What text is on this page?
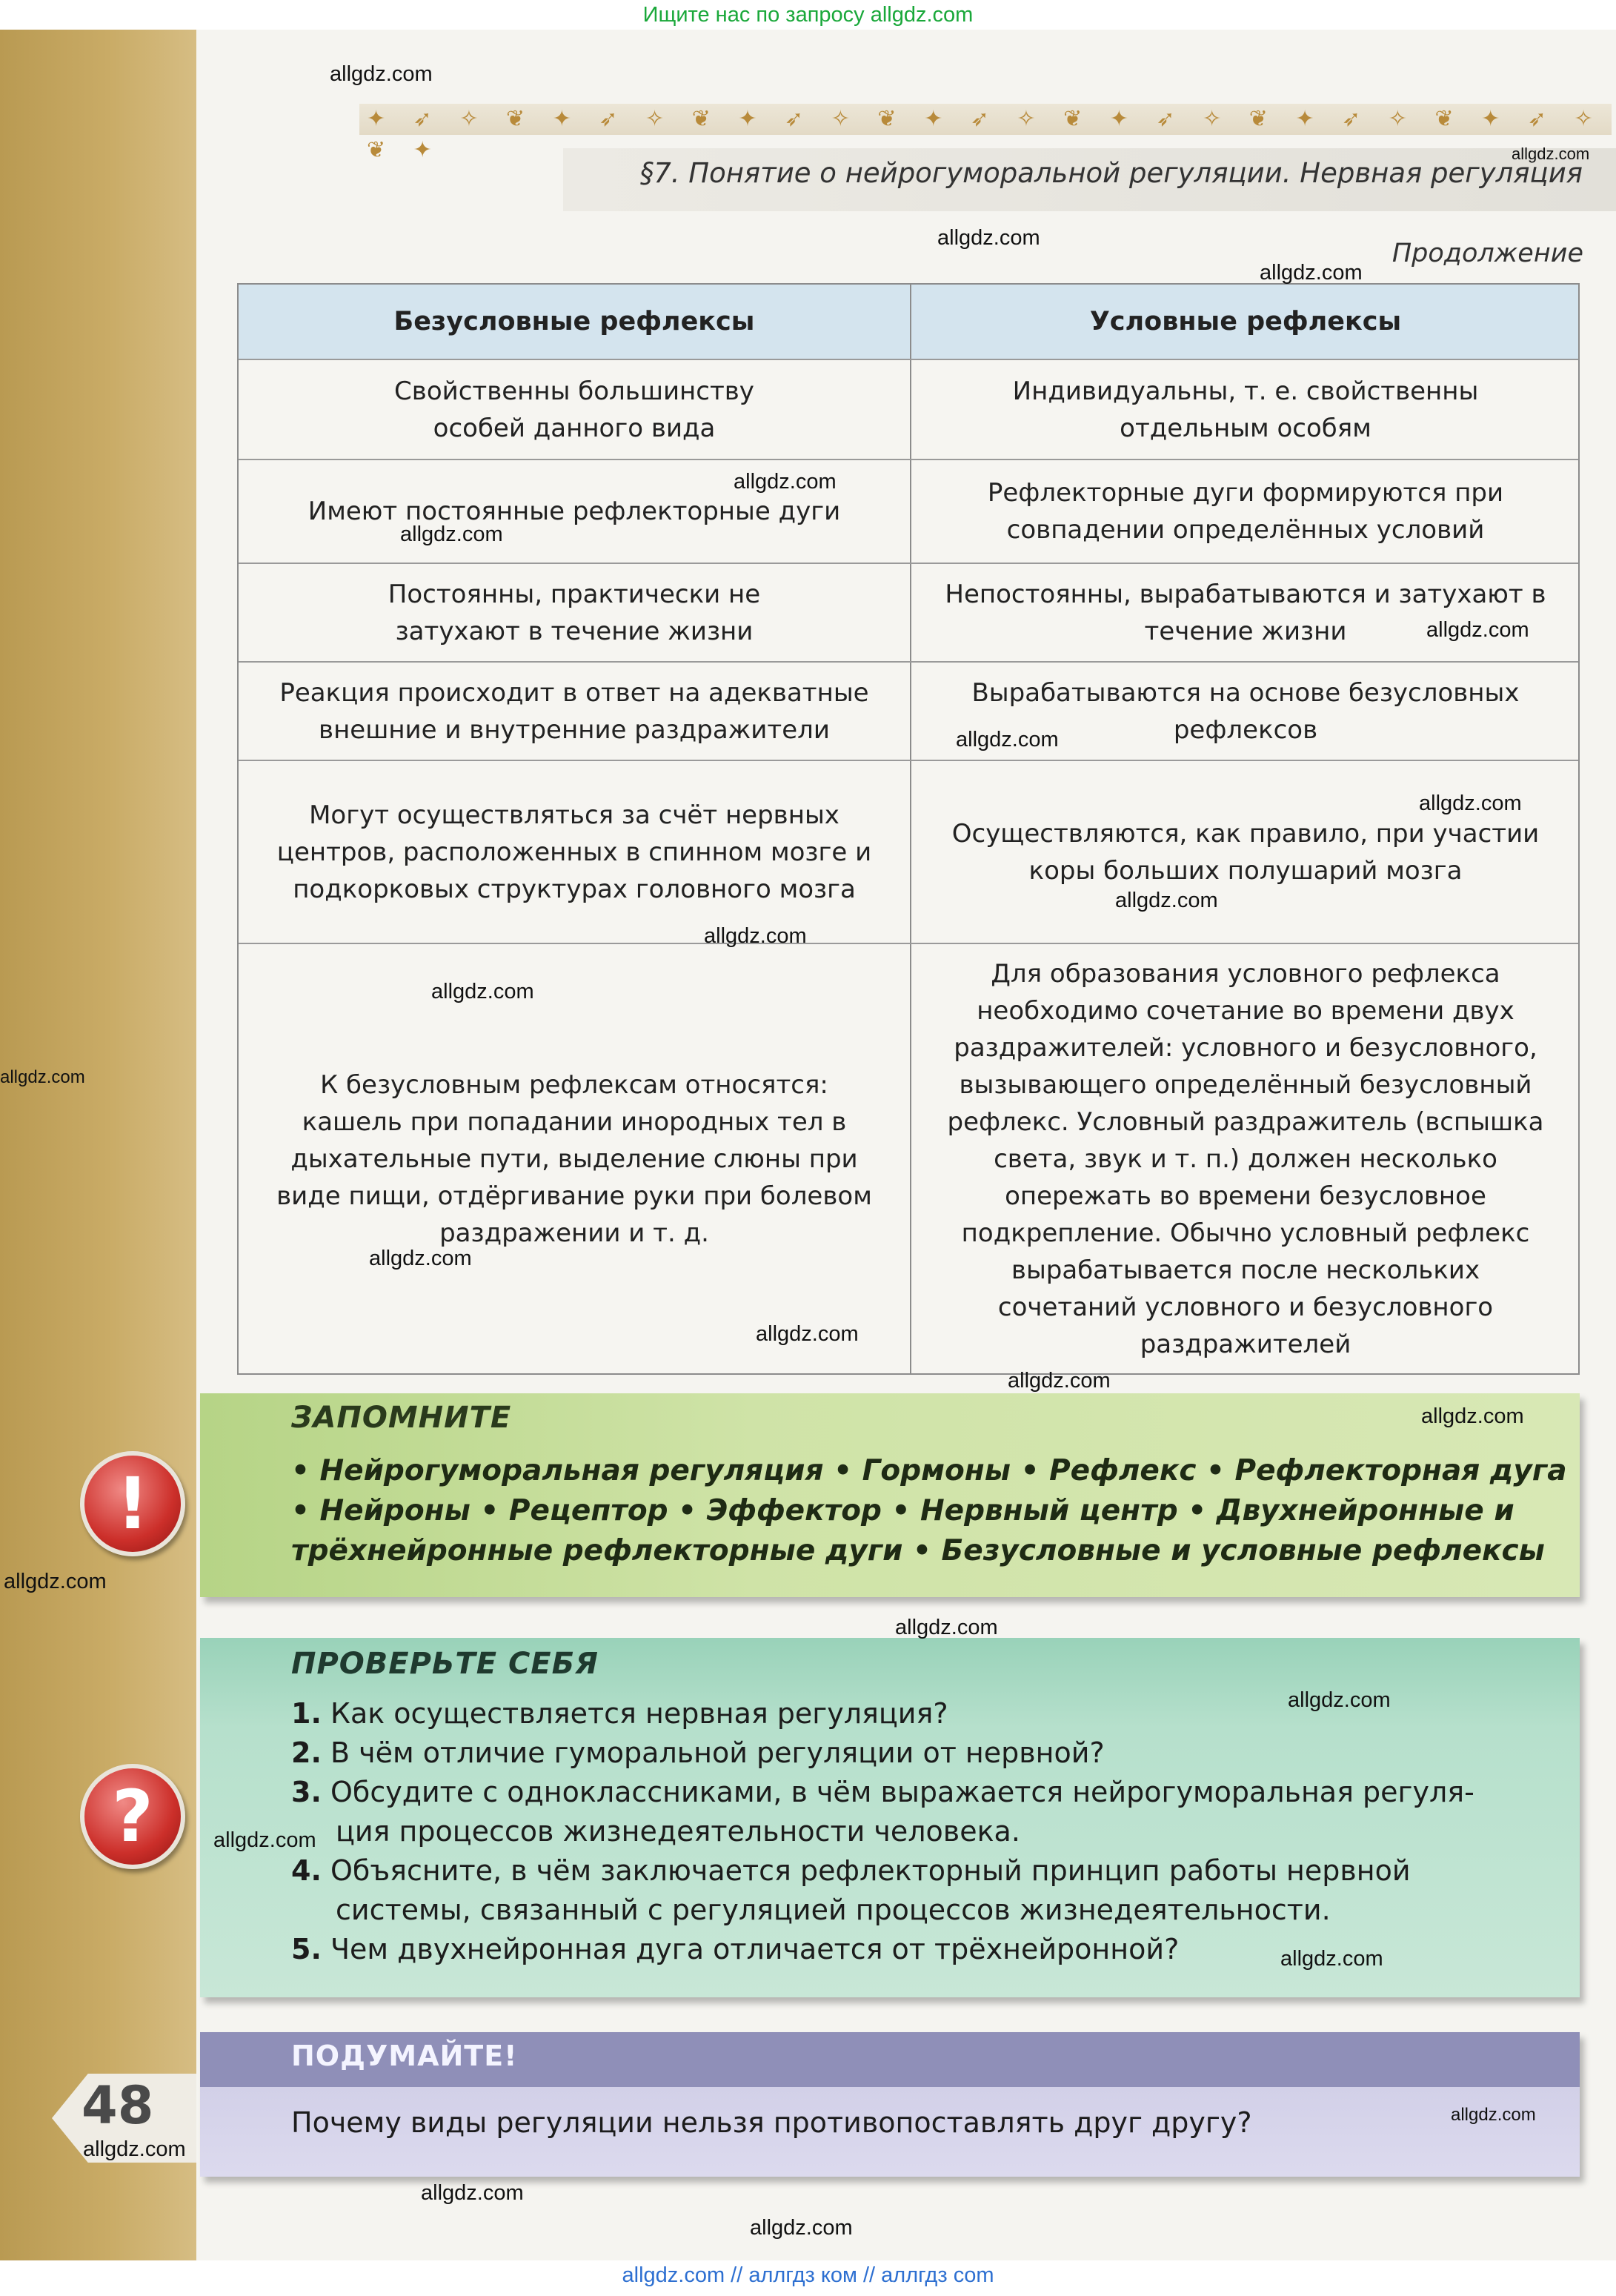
Ищите нас по запросу allgdz.com
✦ ➶ ✧ ❦ ✦ ➶ ✧ ❦ ✦ ➶ ✧ ❦ ✦ ➶ ✧ ❦ ✦ ➶ ✧ ❦ ✦ ➶ ✧ ❦ ✦ ➶ ✧ ❦ ✦
§7. Понятие о нейрогуморальной регуляции. Нервная регуляция
Продолжение
Безусловные рефлексы	Условные рефлексы
Свойственны большинству особей данного вида
Индивидуальны, т. е. свойственны отдельным особям
Имеют постоянные рефлекторные дуги
Рефлекторные дуги формируются при совпадении определённых условий
Постоянны, практически не затухают в течение жизни
Непостоянны, вырабатываются и затухают в течение жизни
Реакция происходит в ответ на адекватные внешние и внутренние раздражители
Вырабатываются на основе безусловных рефлексов
Могут осуществляться за счёт нервных центров, расположенных в спинном мозге и подкорковых структурах головного мозга
Осуществляются, как правило, при участии коры больших полушарий мозга
К безусловным рефлексам относятся: кашель при попадании инородных тел в дыхательные пути, выделение слюны при виде пищи, отдёргивание руки при болевом раздражении и т. д.
Для образования условного рефлекса необходимо сочетание во времени двух раздражителей: условного и безусловного, вызывающего определённый безусловный рефлекс. Условный раздражитель (вспышка света, звук и т. п.) должен несколько опережать во времени безусловное подкрепление. Обычно условный рефлекс вырабатывается после нескольких сочетаний условного и безусловного раздражителей
!
ЗАПОМНИТЕ
• Нейрогуморальная регуляция • Гормоны • Рефлекс • Рефлекторная дуга
• Нейроны • Рецептор • Эффектор • Нервный центр • Двухнейронные и
трёхнейронные рефлекторные дуги • Безусловные и условные рефлексы
?
ПРОВЕРЬТЕ СЕБЯ
1. Как осуществляется нервная регуляция?
2. В чём отличие гуморальной регуляции от нервной?
3. Обсудите с одноклассниками, в чём выражается нейрогуморальная регуля-
ция процессов жизнедеятельности человека.
4. Объясните, в чём заключается рефлекторный принцип работы нервной
системы, связанный с регуляцией процессов жизнедеятельности.
5. Чем двухнейронная дуга отличается от трёхнейронной?
ПОДУМАЙТЕ!
Почему виды регуляции нельзя противопоставлять друг другу?
48
allgdz.com
allgdz.com
allgdz.com
allgdz.com
allgdz.com
allgdz.com
allgdz.com
allgdz.com
allgdz.com
allgdz.com
allgdz.com
allgdz.com
allgdz.com
allgdz.com
allgdz.com
allgdz.com
allgdz.com
allgdz.com
allgdz.com
allgdz.com
allgdz.com
allgdz.com
allgdz.com
allgdz.com
allgdz.com
allgdz.com
allgdz.com // аллгдз ком // аллгдз com
